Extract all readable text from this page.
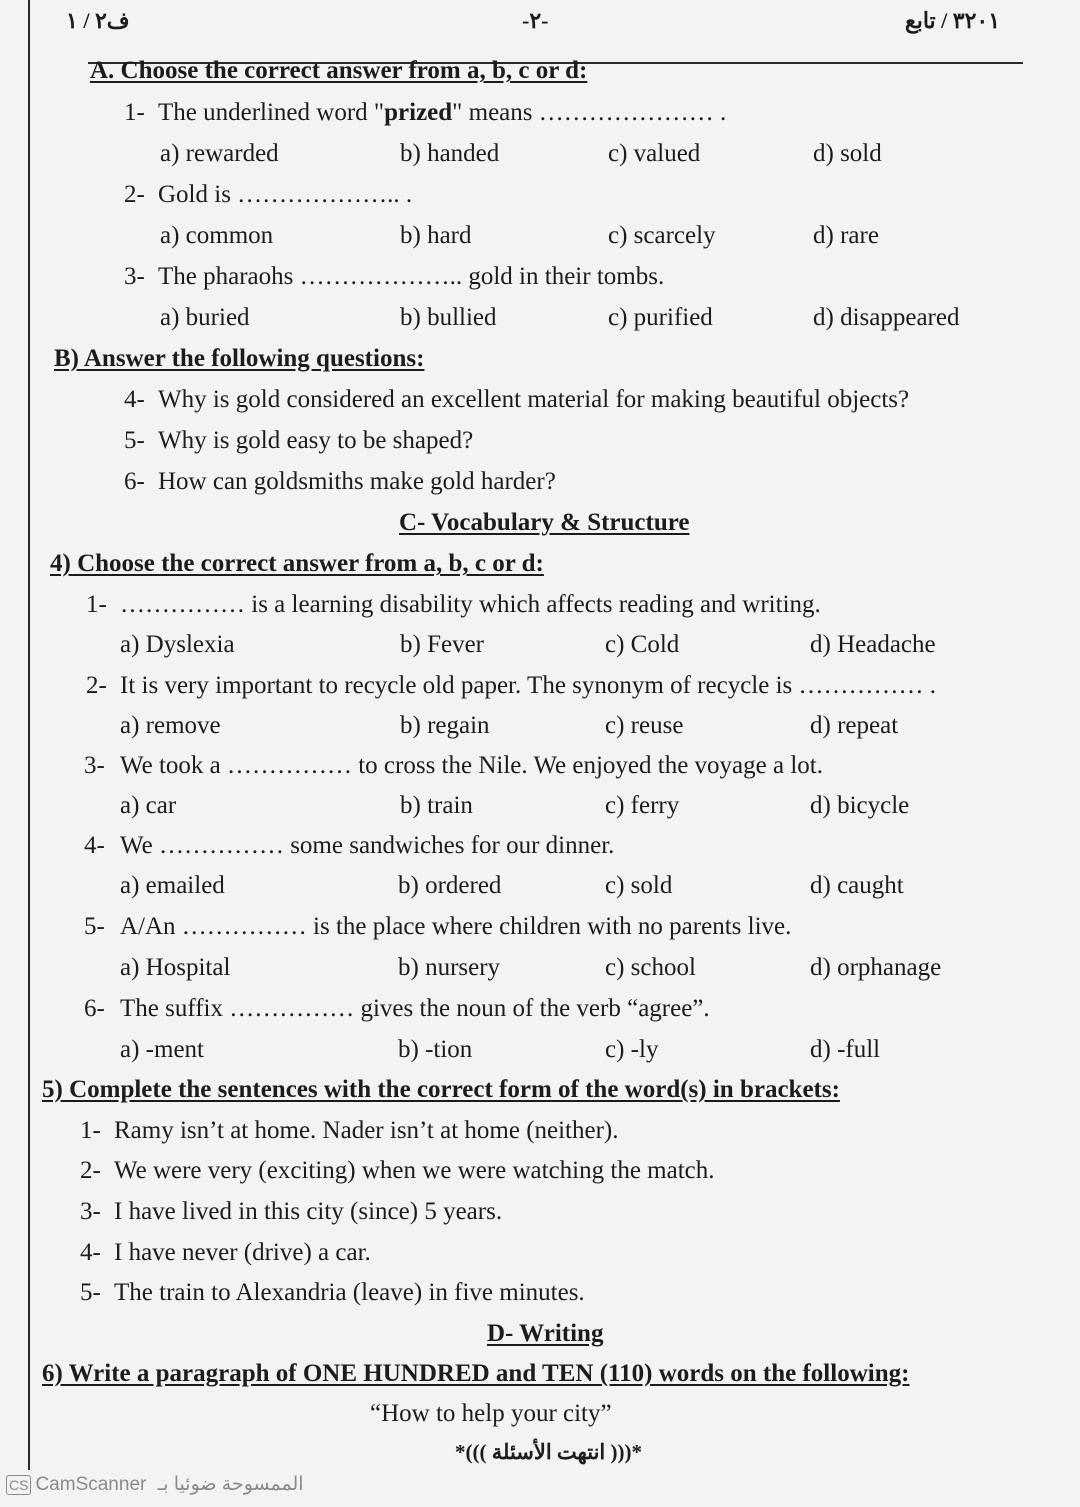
ف٢ / ١	-٢-	٣٢٠١ / تابع
A. Choose the correct answer from a, b, c or d:
1- The underlined word "prized" means ………………… .
a) rewarded	b) handed	c) valued	d) sold
2- Gold is ……………….. .
a) common	b) hard	c) scarcely	d) rare
3- The pharaohs ……………….. gold in their tombs.
a) buried	b) bullied	c) purified	d) disappeared
B) Answer the following questions:
4- Why is gold considered an excellent material for making beautiful objects?
5- Why is gold easy to be shaped?
6- How can goldsmiths make gold harder?
C- Vocabulary & Structure
4) Choose the correct answer from a, b, c or d:
1- …………… is a learning disability which affects reading and writing.
a) Dyslexia	b) Fever	c) Cold	d) Headache
2- It is very important to recycle old paper. The synonym of recycle is …………… .
a) remove	b) regain	c) reuse	d) repeat
3- We took a …………… to cross the Nile. We enjoyed the voyage a lot.
a) car	b) train	c) ferry	d) bicycle
4- We …………… some sandwiches for our dinner.
a) emailed	b) ordered	c) sold	d) caught
5- A/An …………… is the place where children with no parents live.
a) Hospital	b) nursery	c) school	d) orphanage
6- The suffix …………… gives the noun of the verb “agree”.
a) -ment	b) -tion	c) -ly	d) -full
5) Complete the sentences with the correct form of the word(s) in brackets:
1- Ramy isn’t at home. Nader isn’t at home (neither).
2- We were very (exciting) when we were watching the match.
3- I have lived in this city (since) 5 years.
4- I have never (drive) a car.
5- The train to Alexandria (leave) in five minutes.
D- Writing
6) Write a paragraph of ONE HUNDRED and TEN (110) words on the following:
“How to help your city”
*((( انتهت الأسئلة )))*
CS CamScanner الممسوحة ضوئيا بـ
